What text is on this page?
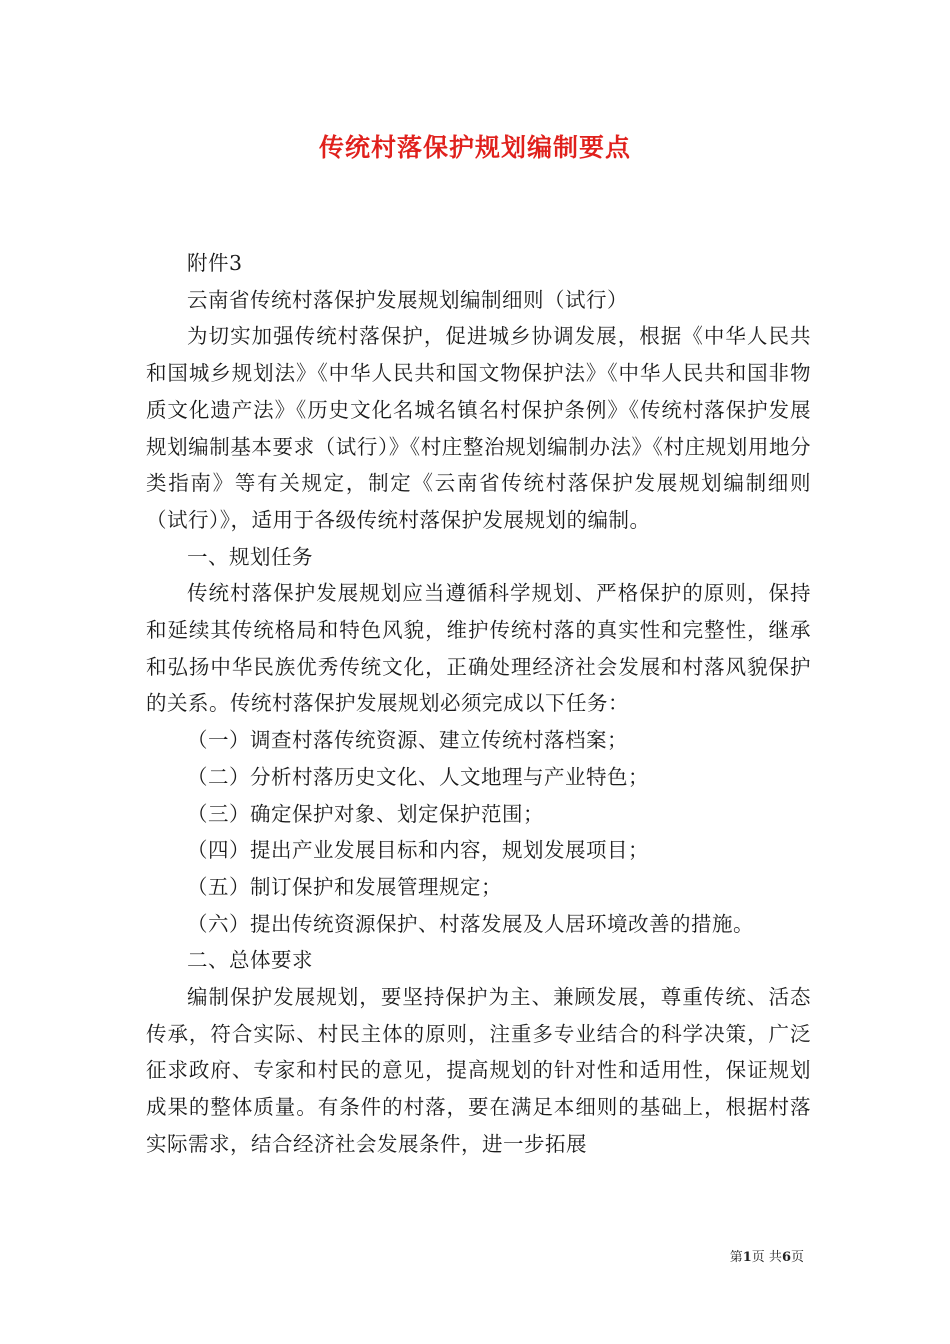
传统村落保护规划编制要点

附件3

云南省传统村落保护发展规划编制细则（试行）

为切实加强传统村落保护，促进城乡协调发展，根据《中华人民共和国城乡规划法》《中华人民共和国文物保护法》《中华人民共和国非物质文化遗产法》《历史文化名城名镇名村保护条例》《传统村落保护发展规划编制基本要求（试行）》《村庄整治规划编制办法》《村庄规划用地分类指南》等有关规定，制定《云南省传统村落保护发展规划编制细则（试行）》，适用于各级传统村落保护发展规划的编制。

一、规划任务

传统村落保护发展规划应当遵循科学规划、严格保护的原则，保持和延续其传统格局和特色风貌，维护传统村落的真实性和完整性，继承和弘扬中华民族优秀传统文化，正确处理经济社会发展和村落风貌保护的关系。传统村落保护发展规划必须完成以下任务：

（一）调查村落传统资源、建立传统村落档案；

（二）分析村落历史文化、人文地理与产业特色；

（三）确定保护对象、划定保护范围；

（四）提出产业发展目标和内容，规划发展项目；

（五）制订保护和发展管理规定；

（六）提出传统资源保护、村落发展及人居环境改善的措施。

二、总体要求

编制保护发展规划，要坚持保护为主、兼顾发展，尊重传统、活态传承，符合实际、村民主体的原则，注重多专业结合的科学决策，广泛征求政府、专家和村民的意见，提高规划的针对性和适用性，保证规划成果的整体质量。有条件的村落，要在满足本细则的基础上，根据村落实际需求，结合经济社会发展条件，进一步拓展

第1页 共6页
